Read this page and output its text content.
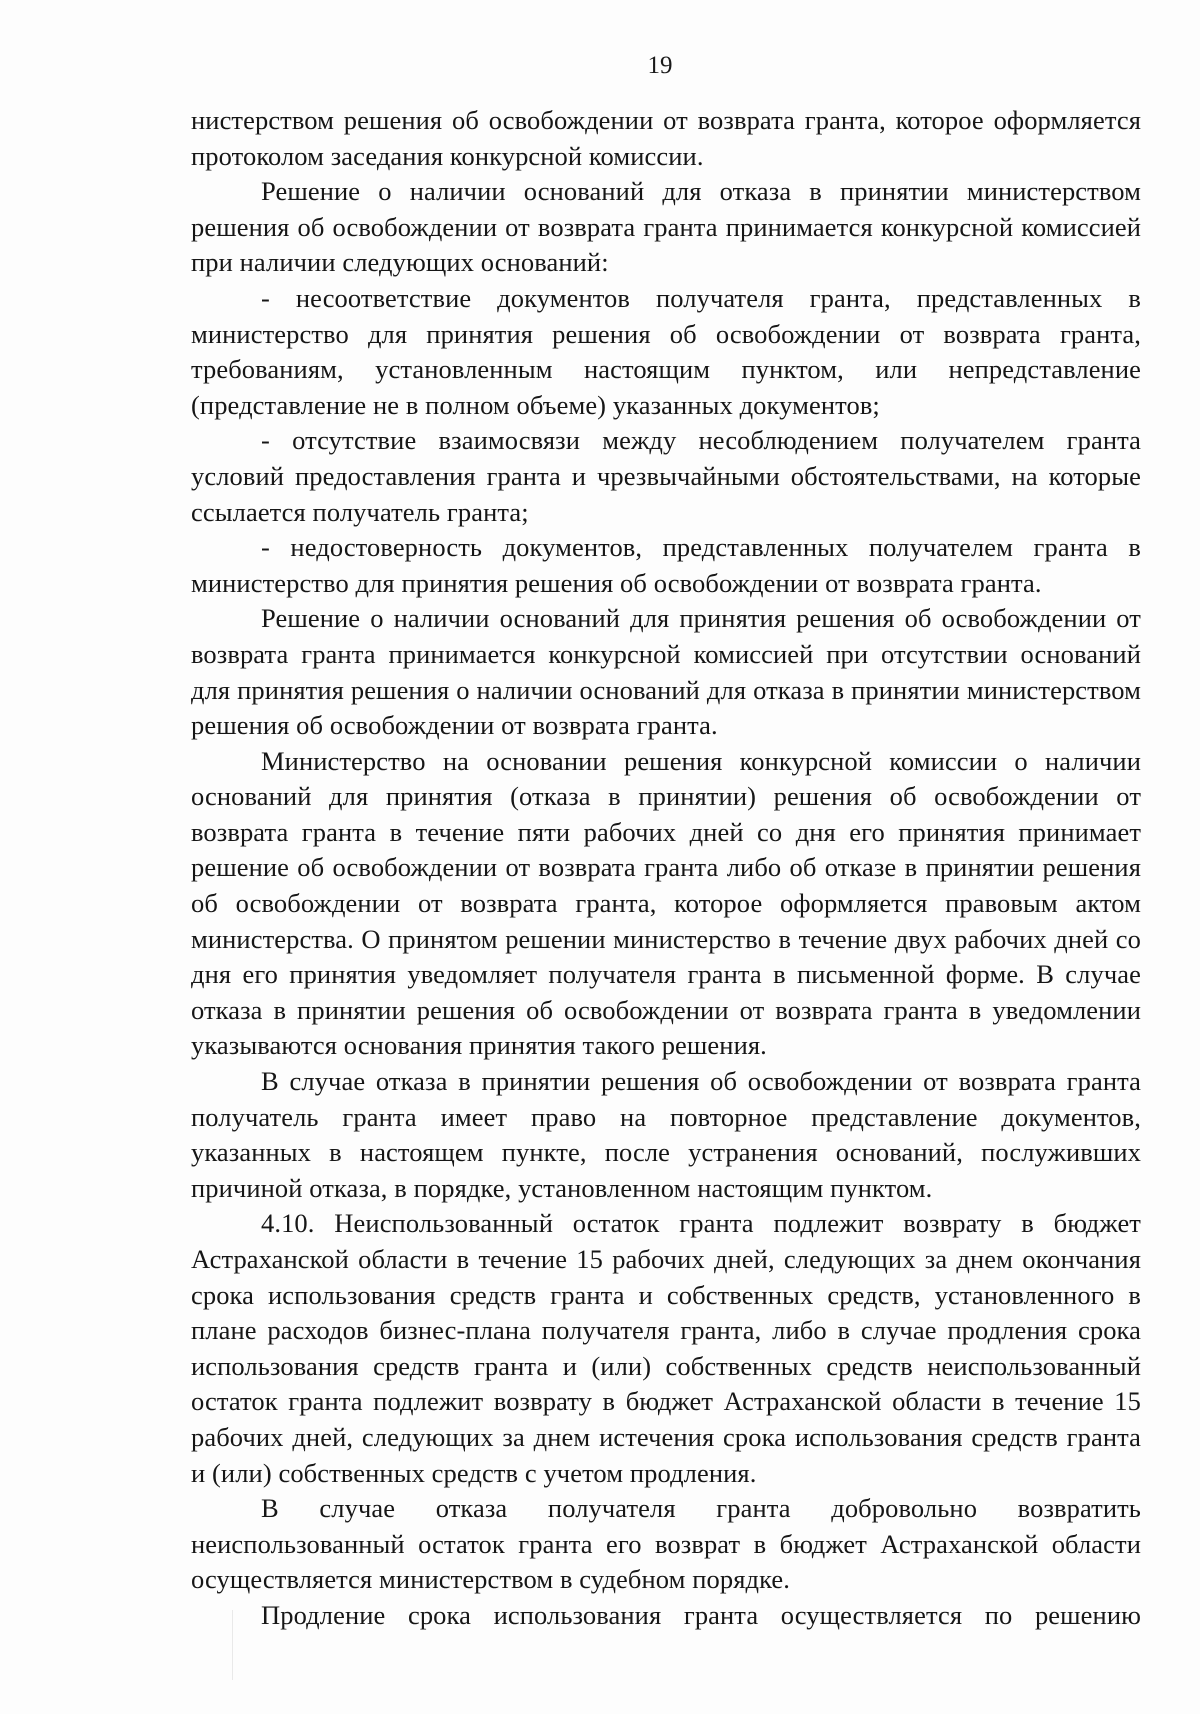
19

нистерством решения об освобождении от возврата гранта, которое оформляется протоколом заседания конкурсной комиссии.

Решение о наличии оснований для отказа в принятии министерством решения об освобождении от возврата гранта принимается конкурсной комиссией при наличии следующих оснований:

- несоответствие документов получателя гранта, представленных в министерство для принятия решения об освобождении от возврата гранта, требованиям, установленным настоящим пунктом, или непредставление (представление не в полном объеме) указанных документов;

- отсутствие взаимосвязи между несоблюдением получателем гранта условий предоставления гранта и чрезвычайными обстоятельствами, на которые ссылается получатель гранта;

- недостоверность документов, представленных получателем гранта в министерство для принятия решения об освобождении от возврата гранта.

Решение о наличии оснований для принятия решения об освобождении от возврата гранта принимается конкурсной комиссией при отсутствии оснований для принятия решения о наличии оснований для отказа в принятии министерством решения об освобождении от возврата гранта.

Министерство на основании решения конкурсной комиссии о наличии оснований для принятия (отказа в принятии) решения об освобождении от возврата гранта в течение пяти рабочих дней со дня его принятия принимает решение об освобождении от возврата гранта либо об отказе в принятии решения об освобождении от возврата гранта, которое оформляется правовым актом министерства. О принятом решении министерство в течение двух рабочих дней со дня его принятия уведомляет получателя гранта в письменной форме. В случае отказа в принятии решения об освобождении от возврата гранта в уведомлении указываются основания принятия такого решения.

В случае отказа в принятии решения об освобождении от возврата гранта получатель гранта имеет право на повторное представление документов, указанных в настоящем пункте, после устранения оснований, послуживших причиной отказа, в порядке, установленном настоящим пунктом.

4.10. Неиспользованный остаток гранта подлежит возврату в бюджет Астраханской области в течение 15 рабочих дней, следующих за днем окончания срока использования средств гранта и собственных средств, установленного в плане расходов бизнес-плана получателя гранта, либо в случае продления срока использования средств гранта и (или) собственных средств неиспользованный остаток гранта подлежит возврату в бюджет Астраханской области в течение 15 рабочих дней, следующих за днем истечения срока использования средств гранта и (или) собственных средств с учетом продления.

В случае отказа получателя гранта добровольно возвратить неиспользованный остаток гранта его возврат в бюджет Астраханской области осуществляется министерством в судебном порядке.

Продление срока использования гранта осуществляется по решению
